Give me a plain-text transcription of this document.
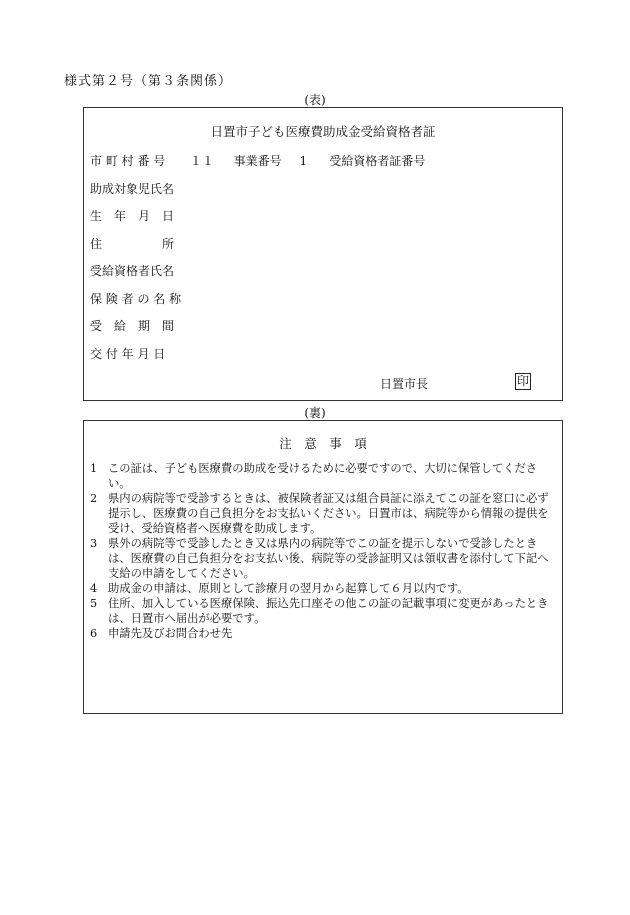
様式第２号（第３条関係）
(表)
日置市子ども医療費助成金受給資格者証
市 町 村 番 号 １１ 事業番号 1 受給資格者証番号
助成対象児氏名
生　年　月　日
住　　　　　所
受給資格者氏名
保 険 者 の 名 称
受　給　期　間
交 付 年 月 日
日置市長	印
(裏)
注　意　事　項
1 この証は、子ども医療費の助成を受けるために必要ですので、大切に保管してください。
2 県内の病院等で受診するときは、被保険者証又は組合員証に添えてこの証を窓口に必ず提示し、医療費の自己負担分をお支払いください。日置市は、病院等から情報の提供を受け、受給資格者へ医療費を助成します。
3 県外の病院等で受診したとき又は県内の病院等でこの証を提示しないで受診したときは、医療費の自己負担分をお支払い後、病院等の受診証明又は領収書を添付して下記へ支給の申請をしてください。
4 助成金の申請は、原則として診療月の翌月から起算して６月以内です。
5 住所、加入している医療保険、振込先口座その他この証の記載事項に変更があったときは、日置市へ届出が必要です。
6 申請先及びお問合わせ先
